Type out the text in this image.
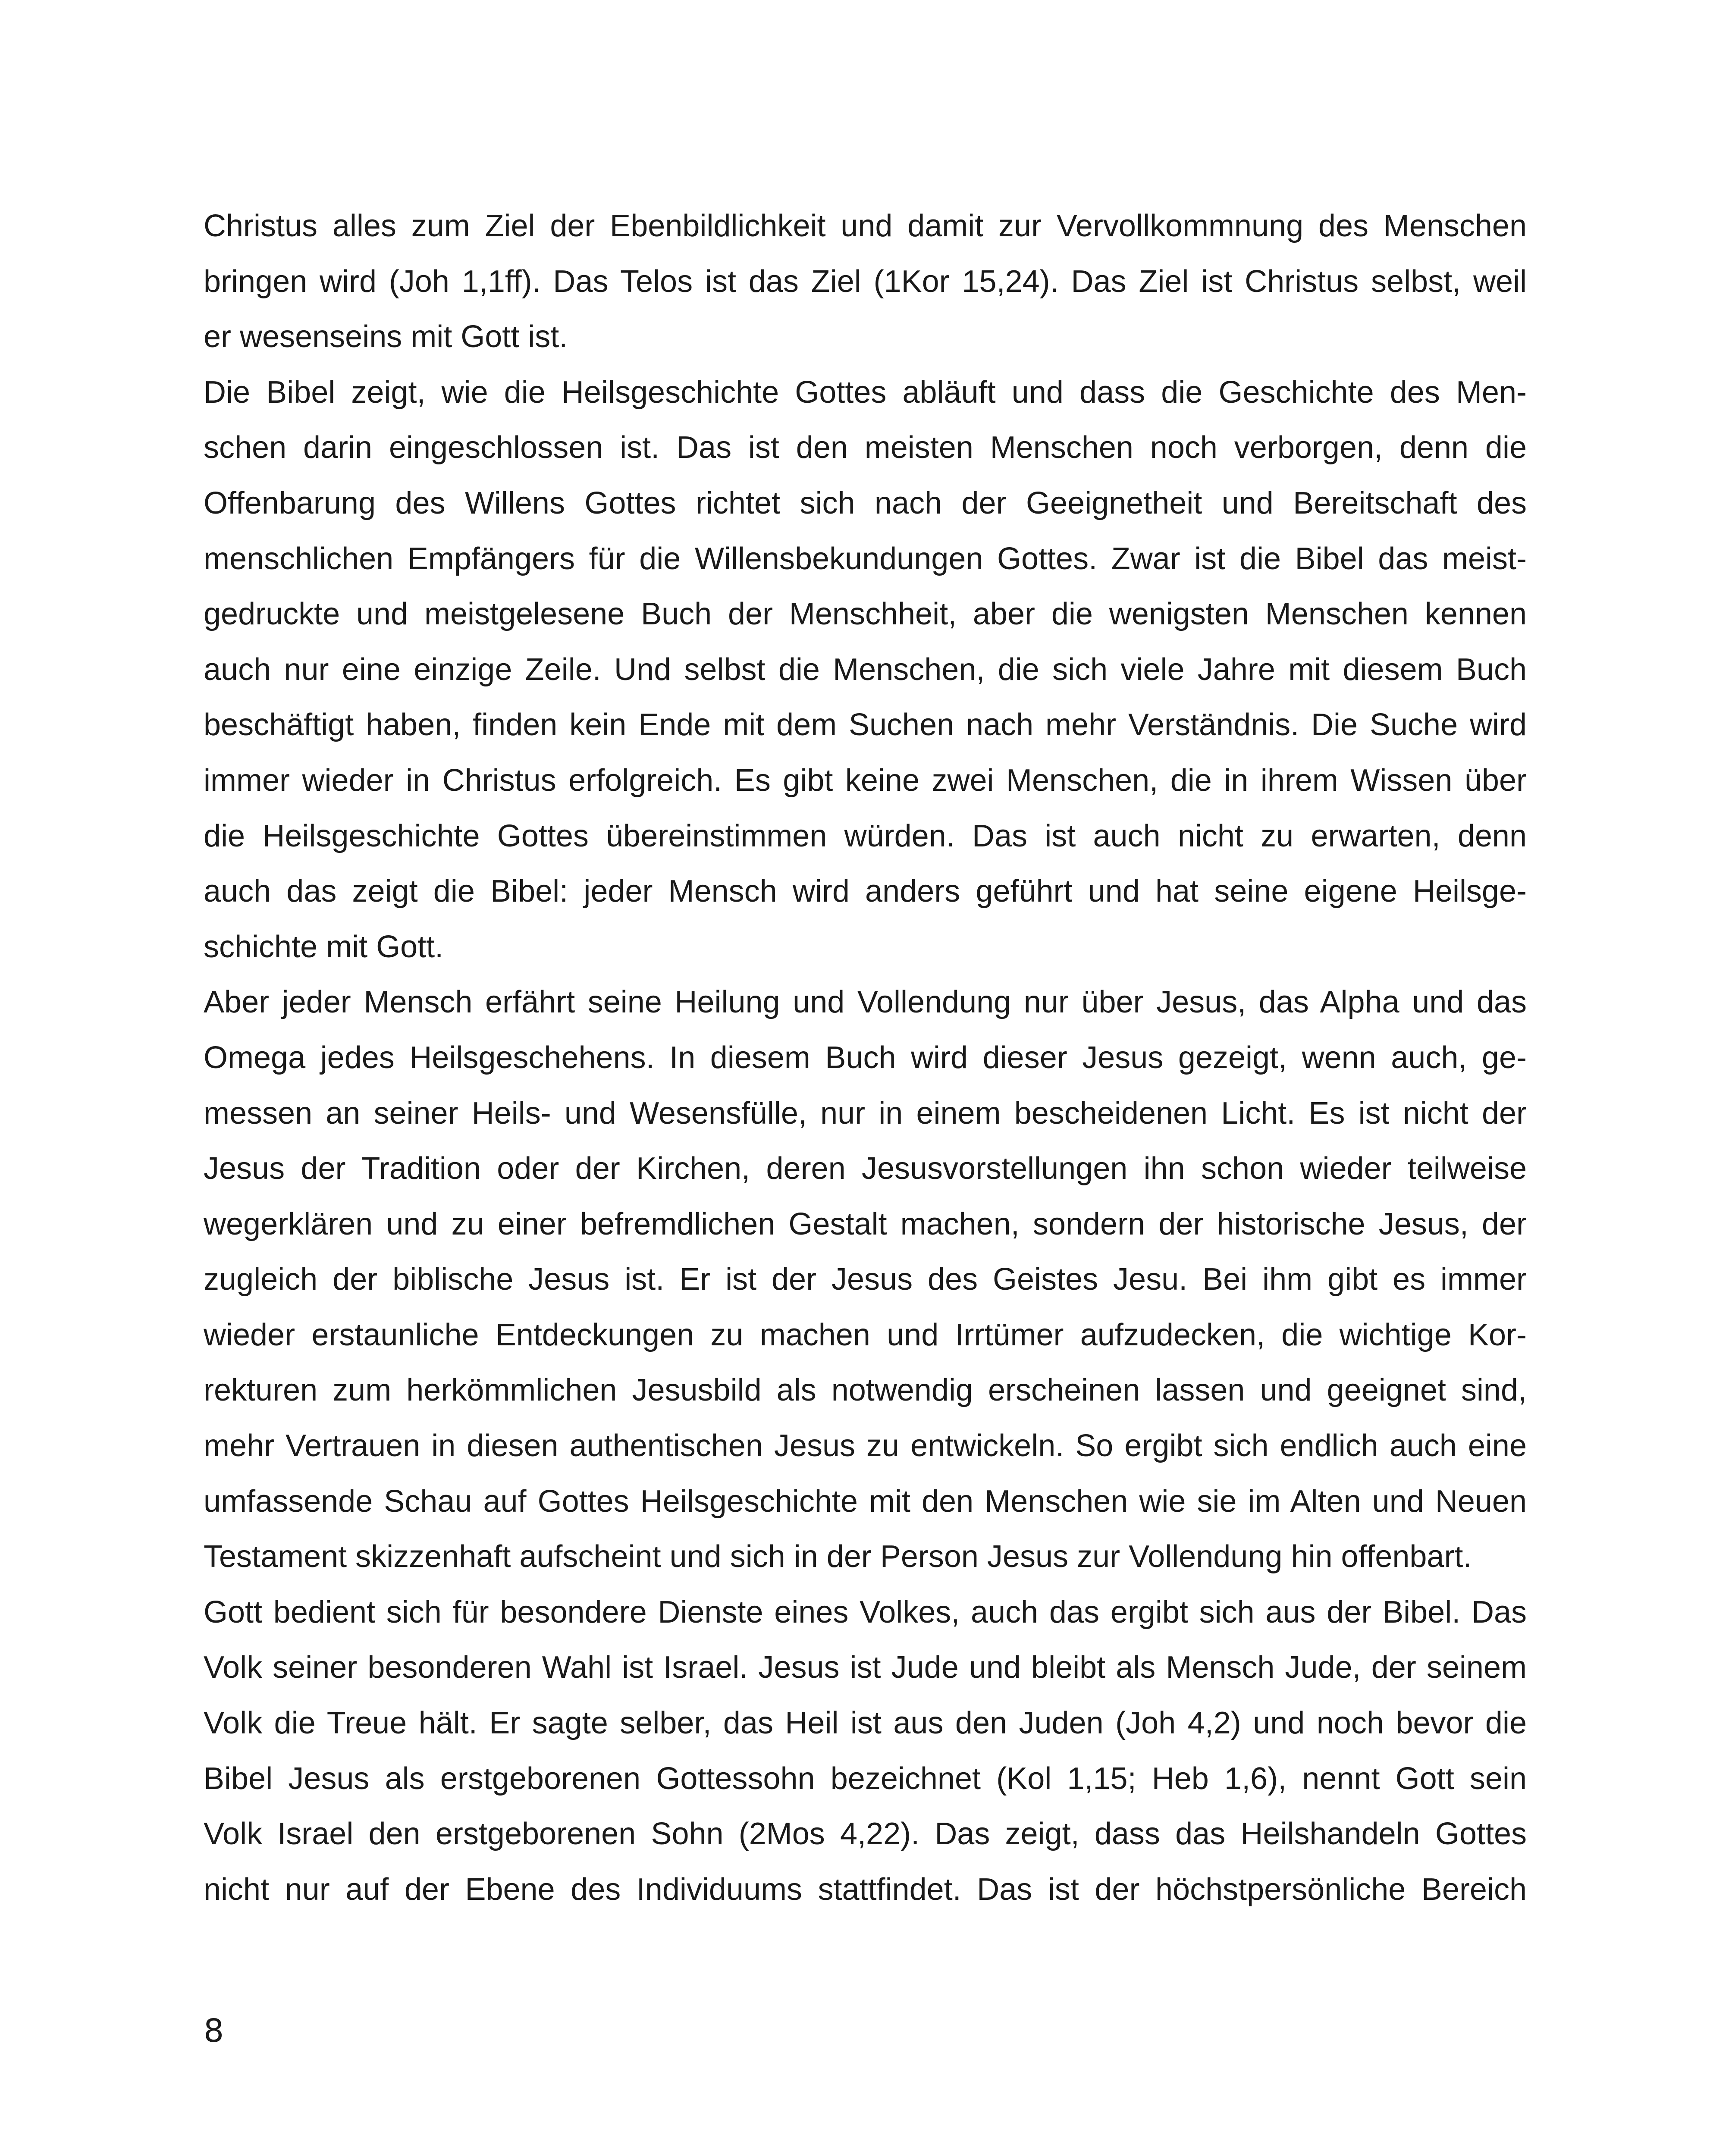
Christus alles zum Ziel der Ebenbildlichkeit und damit zur Vervollkommnung des Menschen
bringen wird (Joh 1,1ff). Das Telos ist das Ziel (1Kor 15,24). Das Ziel ist Christus selbst, weil
er wesenseins mit Gott ist.
Die Bibel zeigt, wie die Heilsgeschichte Gottes abläuft und dass die Geschichte des Men-
schen darin eingeschlossen ist. Das ist den meisten Menschen noch verborgen, denn die
Offenbarung des Willens Gottes richtet sich nach der Geeignetheit und Bereitschaft des
menschlichen Empfängers für die Willensbekundungen Gottes. Zwar ist die Bibel das meist-
gedruckte und meistgelesene Buch der Menschheit, aber die wenigsten Menschen kennen
auch nur eine einzige Zeile. Und selbst die Menschen, die sich viele Jahre mit diesem Buch
beschäftigt haben, finden kein Ende mit dem Suchen nach mehr Verständnis. Die Suche wird
immer wieder in Christus erfolgreich. Es gibt keine zwei Menschen, die in ihrem Wissen über
die Heilsgeschichte Gottes übereinstimmen würden. Das ist auch nicht zu erwarten, denn
auch das zeigt die Bibel: jeder Mensch wird anders geführt und hat seine eigene Heilsge-
schichte mit Gott.
Aber jeder Mensch erfährt seine Heilung und Vollendung nur über Jesus, das Alpha und das
Omega jedes Heilsgeschehens. In diesem Buch wird dieser Jesus gezeigt, wenn auch, ge-
messen an seiner Heils- und Wesensfülle, nur in einem bescheidenen Licht. Es ist nicht der
Jesus der Tradition oder der Kirchen, deren Jesusvorstellungen ihn schon wieder teilweise
wegerklären und zu einer befremdlichen Gestalt machen, sondern der historische Jesus, der
zugleich der biblische Jesus ist. Er ist der Jesus des Geistes Jesu. Bei ihm gibt es immer
wieder erstaunliche Entdeckungen zu machen und Irrtümer aufzudecken, die wichtige Kor-
rekturen zum herkömmlichen Jesusbild als notwendig erscheinen lassen und geeignet sind,
mehr Vertrauen in diesen authentischen Jesus zu entwickeln. So ergibt sich endlich auch eine
umfassende Schau auf Gottes Heilsgeschichte mit den Menschen wie sie im Alten und Neuen
Testament skizzenhaft aufscheint und sich in der Person Jesus zur Vollendung hin offenbart.
Gott bedient sich für besondere Dienste eines Volkes, auch das ergibt sich aus der Bibel. Das
Volk seiner besonderen Wahl ist Israel. Jesus ist Jude und bleibt als Mensch Jude, der seinem
Volk die Treue hält. Er sagte selber, das Heil ist aus den Juden (Joh 4,2) und noch bevor die
Bibel Jesus als erstgeborenen Gottessohn bezeichnet (Kol 1,15; Heb 1,6), nennt Gott sein
Volk Israel den erstgeborenen Sohn (2Mos 4,22). Das zeigt, dass das Heilshandeln Gottes
nicht nur auf der Ebene des Individuums stattfindet. Das ist der höchstpersönliche Bereich
8
